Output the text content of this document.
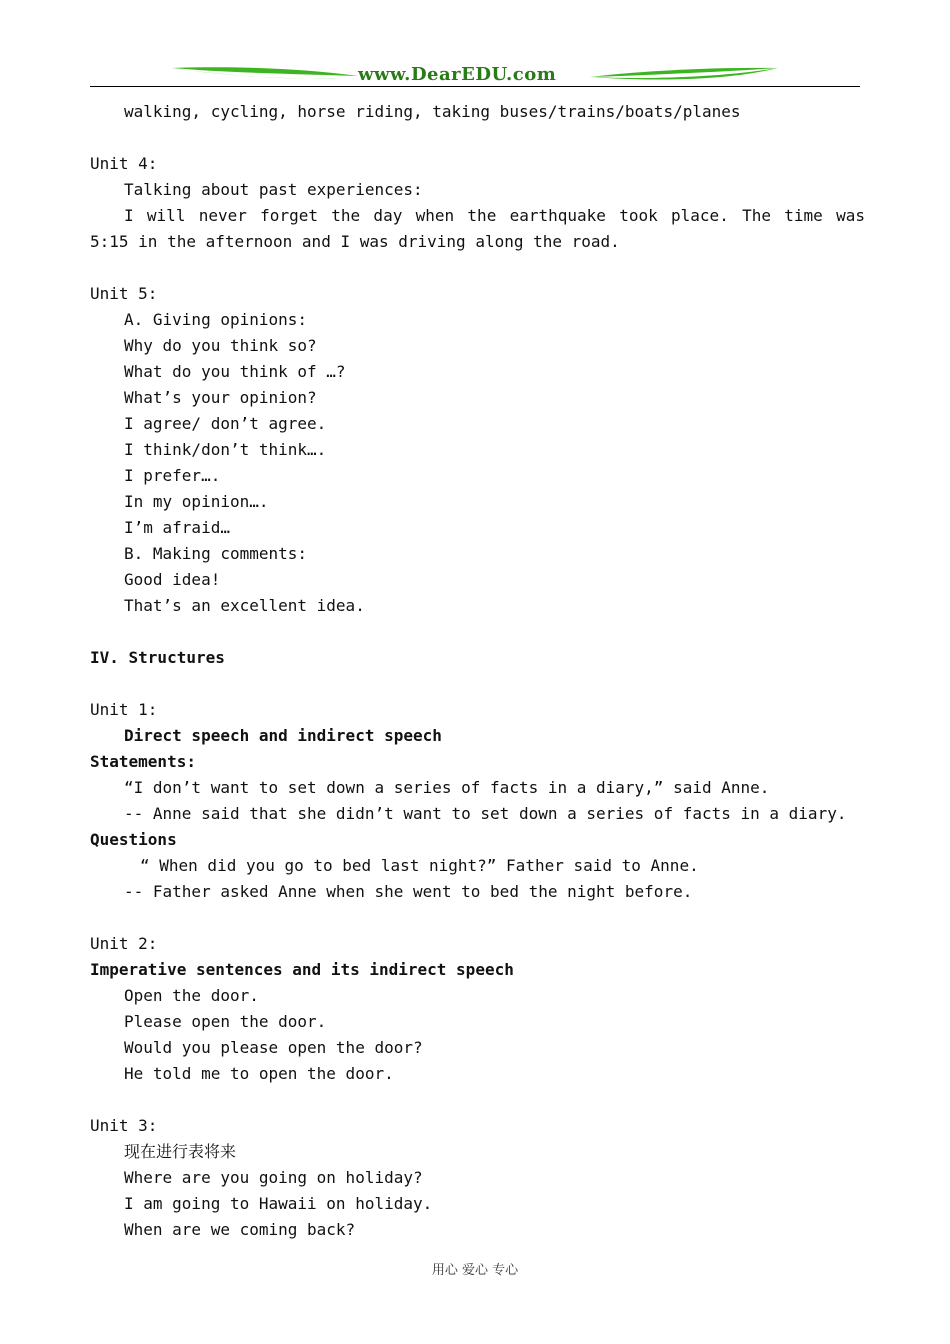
www.DearEDU.com
walking, cycling, horse riding, taking buses/trains/boats/planes
Unit 4:
Talking about past experiences:
I will never forget the day when the earthquake took place. The time was
5:15 in the afternoon and I was driving along the road.
Unit 5:
A. Giving opinions:
Why do you think so?
What do you think of …?
What’s your opinion?
I agree/ don’t agree.
I think/don’t think….
I prefer….
In my opinion….
I’m afraid…
B. Making comments:
Good idea!
That’s an excellent idea.
IV. Structures
Unit 1:
Direct speech and indirect speech
Statements:
“I don’t want to set down a series of facts in a diary,” said Anne.
-- Anne said that she didn’t want to set down a series of facts in a diary.
Questions
“ When did you go to bed last night?” Father said to Anne.
-- Father asked Anne when she went to bed the night before.
Unit 2:
Imperative sentences and its indirect speech
Open the door.
Please open the door.
Would you please open the door?
He told me to open the door.
Unit 3:
现在进行表将来
Where are you going on holiday?
I am going to Hawaii on holiday.
When are we coming back?
用心 爱心 专心
